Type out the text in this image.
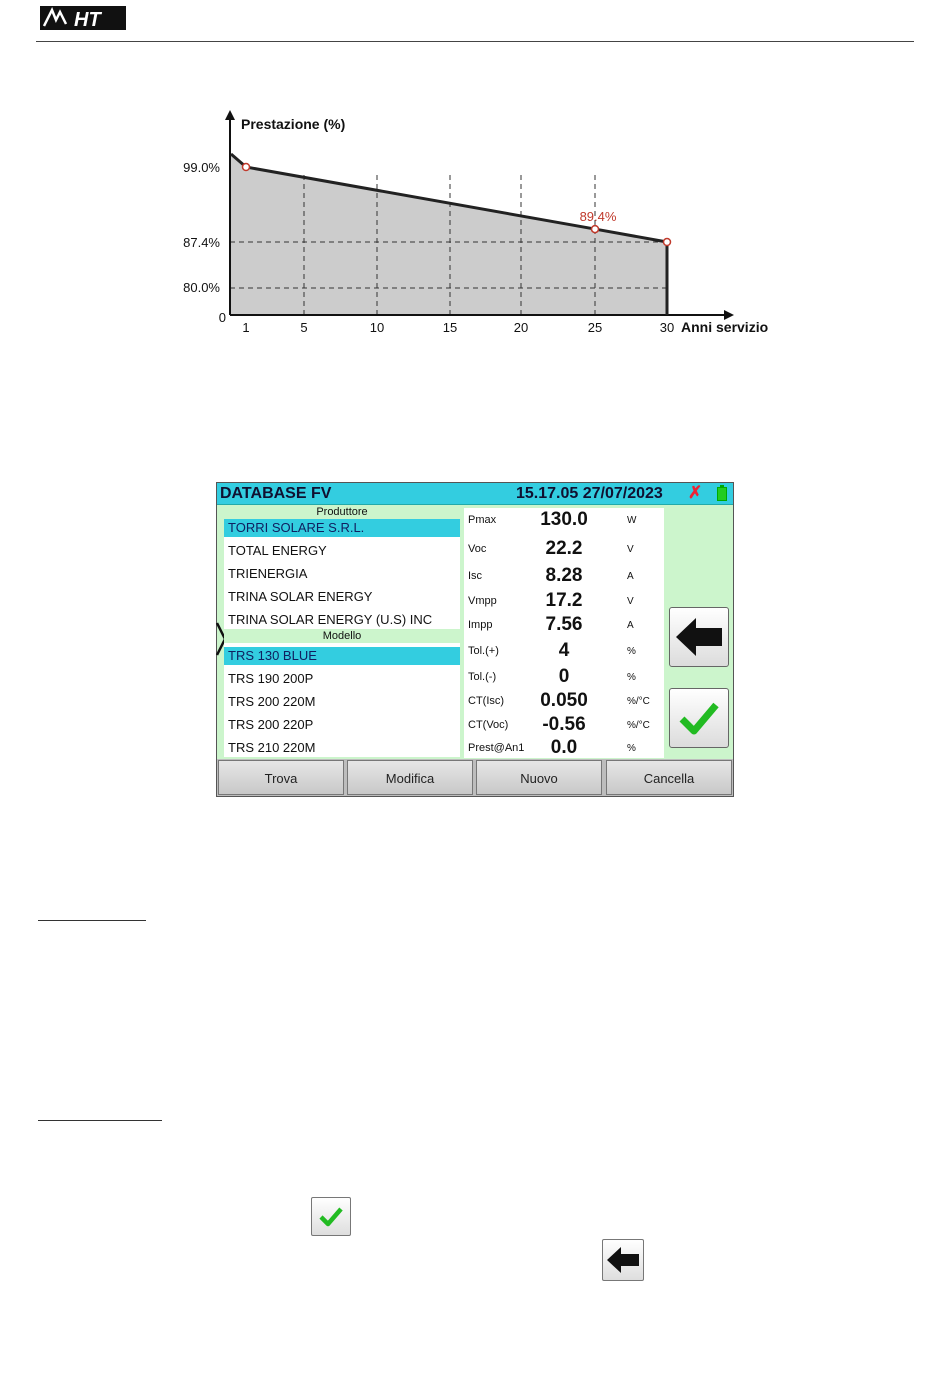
HT
1	5	10	15	20	25	30
0
80.0%
87.4%
99.0%
89.4%
Prestazione (%)
Anni servizio
DATABASE FV	15.17.05 27/07/2023 ✗
Produttore
TORRI SOLARE S.R.L.
TOTAL ENERGY
TRIENERGIA
TRINA SOLAR ENERGY
TRINA SOLAR ENERGY (U.S) INC
Modello
TRS 130 BLUE
TRS 190 200P
TRS 200 220M
TRS 200 220P
TRS 210 220M
Pmax	130.0	W
Voc	22.2	V
Isc	8.28	A
Vmpp	17.2	V
Impp	7.56	A
Tol.(+)	4	%
Tol.(-)	0	%
CT(Isc)	0.050	%/°C
CT(Voc)	-0.56	%/°C
Prest@An1	0.0	%
Trova	Modifica	Nuovo	Cancella
